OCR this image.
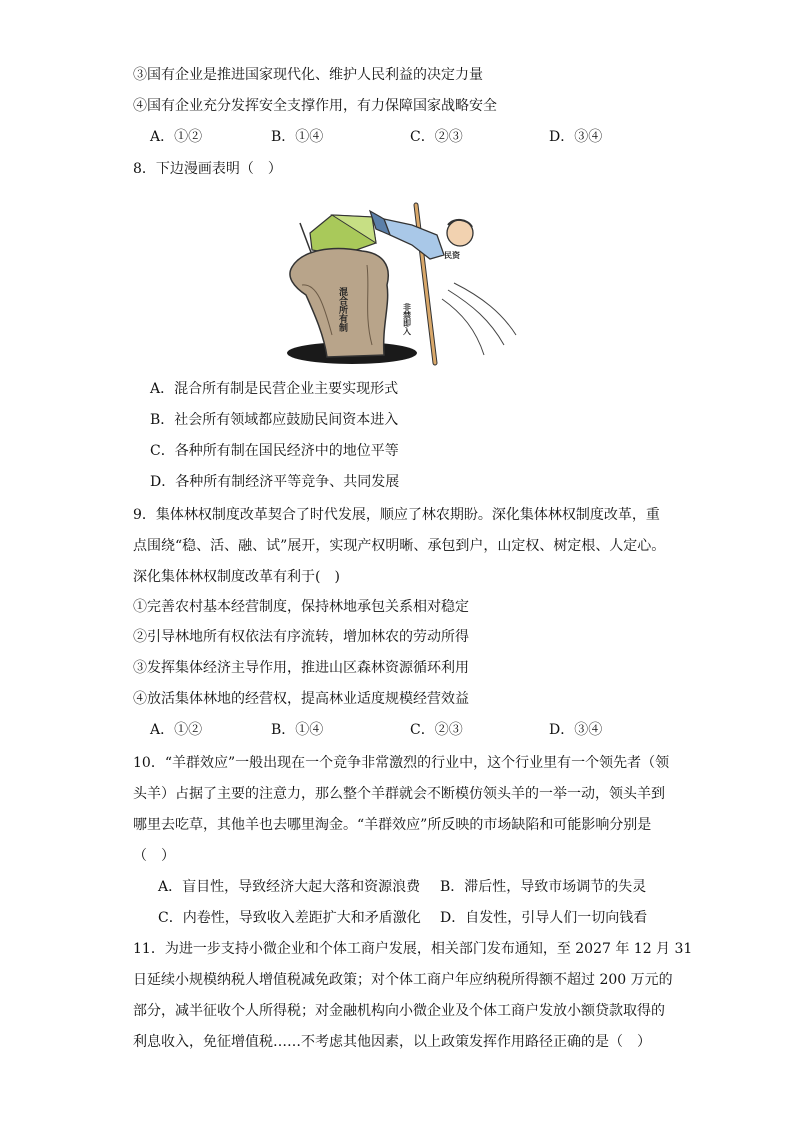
③国有企业是推进国家现代化、维护人民利益的决定力量
④国有企业充分发挥安全支撑作用，有力保障国家战略安全
A．①②	B．①④	C．②③	D．③④
8．下边漫画表明（　）
混合所有制	非禁即入
民资
A．混合所有制是民营企业主要实现形式
B．社会所有领域都应鼓励民间资本进入
C．各种所有制在国民经济中的地位平等
D．各种所有制经济平等竞争、共同发展
9．集体林权制度改革契合了时代发展，顺应了林农期盼。深化集体林权制度改革，重
点围绕“稳、活、融、试”展开，实现产权明晰、承包到户，山定权、树定根、人定心。
深化集体林权制度改革有利于(　)
①完善农村基本经营制度，保持林地承包关系相对稳定
②引导林地所有权依法有序流转，增加林农的劳动所得
③发挥集体经济主导作用，推进山区森林资源循环利用
④放活集体林地的经营权，提高林业适度规模经营效益
A．①②	B．①④	C．②③	D．③④
10．“羊群效应”一般出现在一个竞争非常激烈的行业中，这个行业里有一个领先者（领
头羊）占据了主要的注意力，那么整个羊群就会不断模仿领头羊的一举一动，领头羊到
哪里去吃草，其他羊也去哪里淘金。“羊群效应”所反映的市场缺陷和可能影响分别是
（　）
A．盲目性，导致经济大起大落和资源浪费 B．滞后性，导致市场调节的失灵
C．内卷性，导致收入差距扩大和矛盾激化 D．自发性，引导人们一切向钱看
11．为进一步支持小微企业和个体工商户发展，相关部门发布通知，至 2027 年 12 月 31
日延续小规模纳税人增值税减免政策；对个体工商户年应纳税所得额不超过 200 万元的
部分，减半征收个人所得税；对金融机构向小微企业及个体工商户发放小额贷款取得的
利息收入，免征增值税……不考虑其他因素，以上政策发挥作用路径正确的是（　）
